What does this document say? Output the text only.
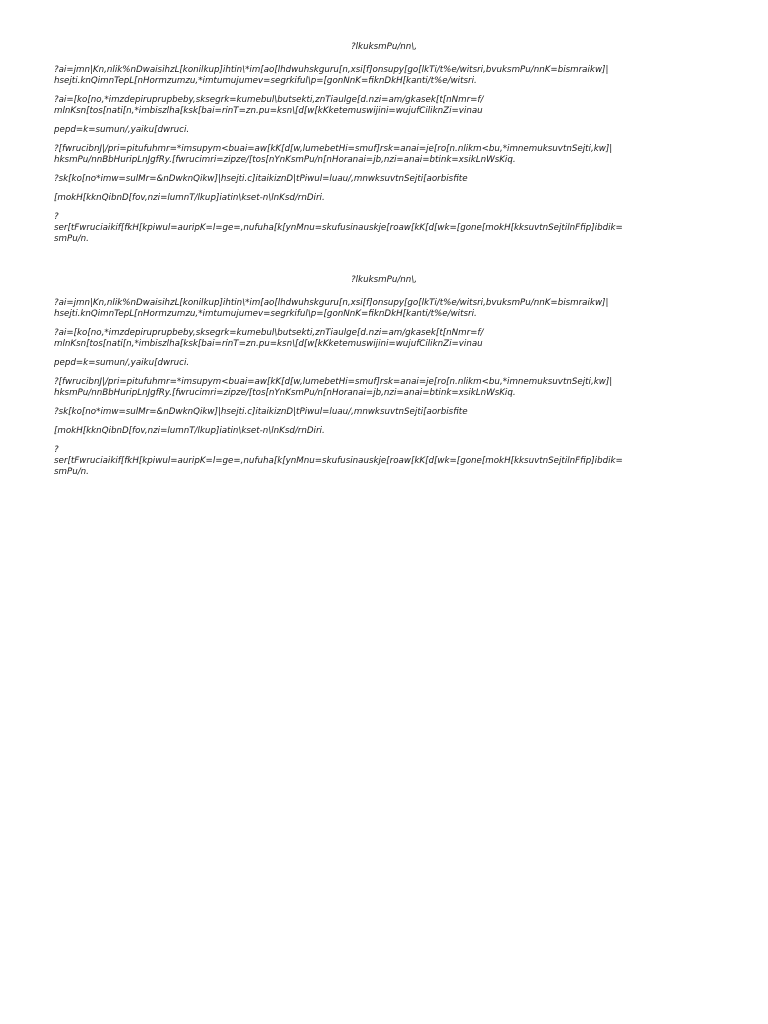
?lkuksmPu/nn\,
?ai=jmn|Kn,nlik%nDwaisihzL[konilkup]ihtin\*im[ao[lhdwuhskguru[n,xsi[f]onsupy[go[lkTi/t%e/witsri,bvuksmPu/nnK=bismraikw]|
hsejti.knQimnTepL[nHormzumzu,*imtumujumev=segrkiful\p=[gonNnK=fiknDkH[kanti/t%e/witsri.
?ai=[ko[no,*imzdepiruprupbeby,sksegrk=kumebul\butsekti,znTiaulge[d.nzi=am/gkasek[t[nNmr=f/
mlnKsn[tos[nati[n,*imbiszlha[ksk[bai=rinT=zn.pu=ksn\[d[w[kKketemuswijini=wujufCiliknZi=vinau
pepd=k=sumun/,yaiku[dwruci.
?[fwrucibnJ|/pri=pitufuhmr=*imsupym<buai=aw[kK[d[w,lumebetHi=smuf]rsk=anai=je[ro[n.nlikm<bu,*imnemuksuvtnSejti,kw]|
hksmPu/nnBbHuripLnJgfRy.[fwrucimri=zipze/[tos[nYnKsmPu/n[nHoranai=jb,nzi=anai=btink=xsikLnWsKiq.
?sk[ko[no*imw=sulMr=&nDwknQikw]|hsejti.c]itaikiznD|tPiwul=luau/,mnwksuvtnSejti[aorbisfite
[mokH[kknQibnD[fov,nzi=lumnT/lkup]iatin\kset-n\lnKsd/rnDiri.
?
ser[tFwruciaikif[fkH[kpiwul=auripK=l=ge=,nufuha[k[ynMnu=skufusinauskje[roaw[kK[d[wk=[gone[mokH[kksuvtnSejtilnFfip]ibdik=
smPu/n.
?lkuksmPu/nn\,
?ai=jmn|Kn,nlik%nDwaisihzL[konilkup]ihtin\*im[ao[lhdwuhskguru[n,xsi[f]onsupy[go[lkTi/t%e/witsri,bvuksmPu/nnK=bismraikw]|
hsejti.knQimnTepL[nHormzumzu,*imtumujumev=segrkiful\p=[gonNnK=fiknDkH[kanti/t%e/witsri.
?ai=[ko[no,*imzdepiruprupbeby,sksegrk=kumebul\butsekti,znTiaulge[d.nzi=am/gkasek[t[nNmr=f/
mlnKsn[tos[nati[n,*imbiszlha[ksk[bai=rinT=zn.pu=ksn\[d[w[kKketemuswijini=wujufCiliknZi=vinau
pepd=k=sumun/,yaiku[dwruci.
?[fwrucibnJ|/pri=pitufuhmr=*imsupym<buai=aw[kK[d[w,lumebetHi=smuf]rsk=anai=je[ro[n.nlikm<bu,*imnemuksuvtnSejti,kw]|
hksmPu/nnBbHuripLnJgfRy.[fwrucimri=zipze/[tos[nYnKsmPu/n[nHoranai=jb,nzi=anai=btink=xsikLnWsKiq.
?sk[ko[no*imw=sulMr=&nDwknQikw]|hsejti.c]itaikiznD|tPiwul=luau/,mnwksuvtnSejti[aorbisfite
[mokH[kknQibnD[fov,nzi=lumnT/lkup]iatin\kset-n\lnKsd/rnDiri.
?
ser[tFwruciaikif[fkH[kpiwul=auripK=l=ge=,nufuha[k[ynMnu=skufusinauskje[roaw[kK[d[wk=[gone[mokH[kksuvtnSejtilnFfip]ibdik=
smPu/n.
